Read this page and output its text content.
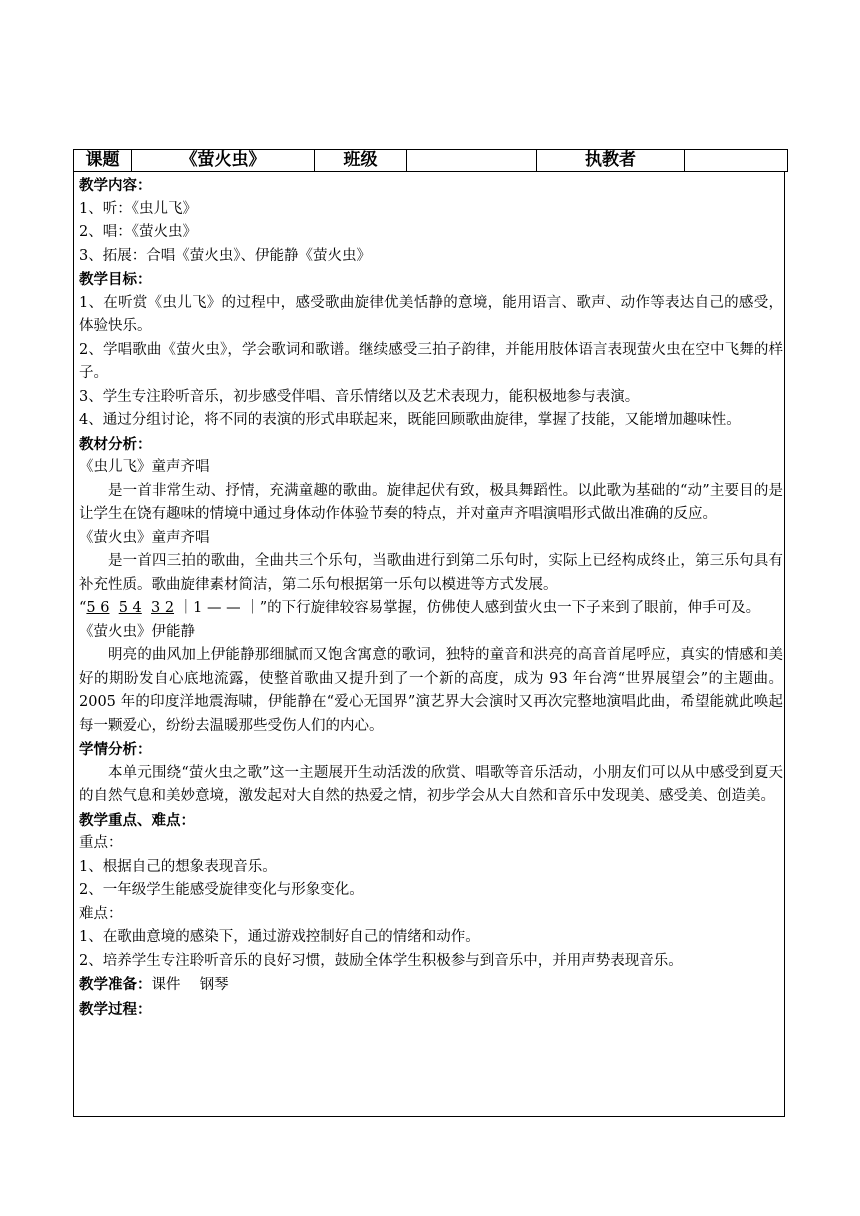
课题	《萤火虫》	班级		执教者	
教学内容：
1、听：《虫儿飞》
2、唱：《萤火虫》
3、拓展：合唱《萤火虫》、伊能静《萤火虫》
教学目标：
1、在听赏《虫儿飞》的过程中，感受歌曲旋律优美恬静的意境，能用语言、歌声、动作等表达自己的感受，体验快乐。
2、学唱歌曲《萤火虫》，学会歌词和歌谱。继续感受三拍子韵律，并能用肢体语言表现萤火虫在空中飞舞的样子。
3、学生专注聆听音乐，初步感受伴唱、音乐情绪以及艺术表现力，能积极地参与表演。
4、通过分组讨论，将不同的表演的形式串联起来，既能回顾歌曲旋律，掌握了技能，又能增加趣味性。
教材分析：
《虫儿飞》童声齐唱
是一首非常生动、抒情，充满童趣的歌曲。旋律起伏有致，极具舞蹈性。以此歌为基础的“动”主要目的是让学生在饶有趣味的情境中通过身体动作体验节奏的特点，并对童声齐唱演唱形式做出准确的反应。
《萤火虫》童声齐唱
是一首四三拍的歌曲，全曲共三个乐句，当歌曲进行到第二乐句时，实际上已经构成终止，第三乐句具有补充性质。歌曲旋律素材简洁，第二乐句根据第一乐句以模进等方式发展。
“5 6 5 4 3 2 ｜1 — — ｜”的下行旋律较容易掌握，仿佛使人感到萤火虫一下子来到了眼前，伸手可及。
《萤火虫》伊能静
明亮的曲风加上伊能静那细腻而又饱含寓意的歌词，独特的童音和洪亮的高音首尾呼应，真实的情感和美好的期盼发自心底地流露，使整首歌曲又提升到了一个新的高度，成为 93 年台湾“世界展望会”的主题曲。2005 年的印度洋地震海啸，伊能静在“爱心无国界”演艺界大会演时又再次完整地演唱此曲，希望能就此唤起每一颗爱心，纷纷去温暖那些受伤人们的内心。
学情分析：
本单元围绕“萤火虫之歌”这一主题展开生动活泼的欣赏、唱歌等音乐活动，小朋友们可以从中感受到夏天的自然气息和美妙意境，激发起对大自然的热爱之情，初步学会从大自然和音乐中发现美、感受美、创造美。
教学重点、难点：
重点：
1、根据自己的想象表现音乐。
2、一年级学生能感受旋律变化与形象变化。
难点：
1、在歌曲意境的感染下，通过游戏控制好自己的情绪和动作。
2、培养学生专注聆听音乐的良好习惯，鼓励全体学生积极参与到音乐中，并用声势表现音乐。
教学准备：课件　 钢琴
教学过程：
